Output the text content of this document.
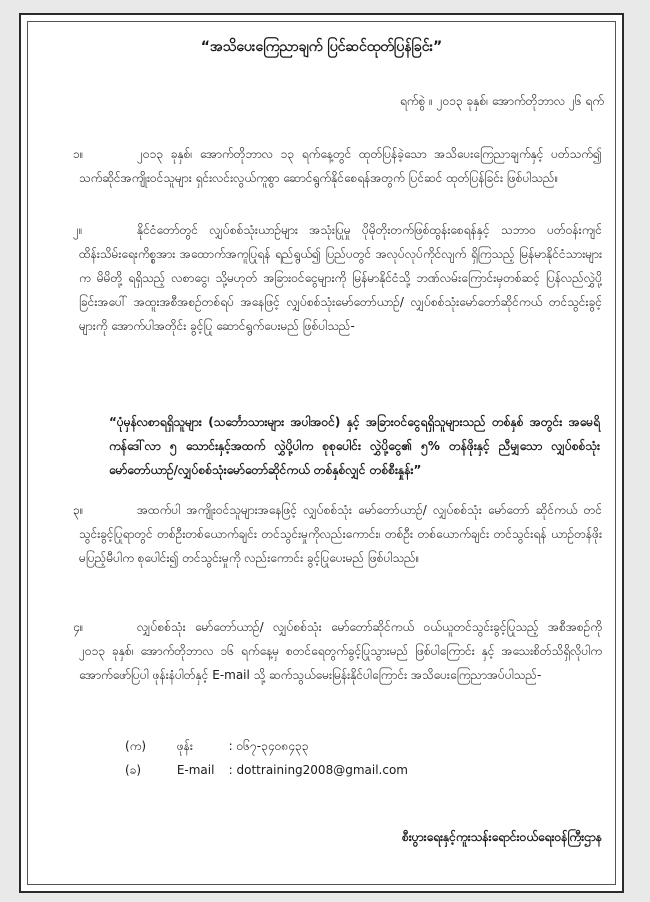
“အသိပေးကြေညာချက် ပြင်ဆင်ထုတ်ပြန်ခြင်း”
ရက်စွဲ ။ ၂၀၁၃ ခုနှစ်၊ အောက်တိုဘာလ ၂၆ ရက်
၁။	၂၀၁၃ ခုနှစ်၊ အောက်တိုဘာလ ၁၃ ရက်နေ့တွင် ထုတ်ပြန်ခဲ့သော အသိပေးကြေညာချက်နှင့် ပတ်သက်၍ သက်ဆိုင်အကျိုးဝင်သူများ ရှင်းလင်းလွယ်ကူစွာ ဆောင်ရွက်နိုင်စေရန်အတွက် ပြင်ဆင် ထုတ်ပြန်ခြင်း ဖြစ်ပါသည်။
၂။	နိုင်ငံတော်တွင် လျှပ်စစ်သုံးယာဉ်များ အသုံးပြုမှု ပိုမိုတိုးတက်ဖြစ်ထွန်းစေရန်နှင့် သဘာဝ ပတ်ဝန်းကျင်ထိန်းသိမ်းရေးကိစ္စအား အထောက်အကူပြုရန် ရည်ရွယ်၍ ပြည်ပတွင် အလုပ်လုပ်ကိုင်လျက် ရှိကြသည့် မြန်မာနိုင်ငံသားများက မိမိတို့ ရရှိသည့် လစာငွေ၊ သို့မဟုတ် အခြားဝင်ငွေများကို မြန်မာနိုင်ငံသို့ ဘဏ်လမ်းကြောင်းမှတစ်ဆင့် ပြန်လည်လွှဲပို့ခြင်းအပေါ် အထူးအစီအစဉ်တစ်ရပ် အနေဖြင့် လျှပ်စစ်သုံးမော်တော်ယာဉ်/ လျှပ်စစ်သုံးမော်တော်ဆိုင်ကယ် တင်သွင်းခွင့်များကို အောက်ပါအတိုင်း ခွင့်ပြု ဆောင်ရွက်ပေးမည် ဖြစ်ပါသည်-
“ပုံမှန်လစာရရှိသူများ (သင်္ဘောသားများ အပါအဝင်) နှင့် အခြားဝင်ငွေရရှိသူများသည် တစ်နှစ် အတွင်း အမေရိကန်ဒေါ်လာ ၅ သောင်းနှင့်အထက် လွှဲပို့ပါက စုစုပေါင်း လွှဲပို့ငွေ၏ ၅% တန်ဖိုးနှင့် ညီမျှသော လျှပ်စစ်သုံး မော်တော်ယာဉ်/လျှပ်စစ်သုံးမော်တော်ဆိုင်ကယ် တစ်နှစ်လျှင် တစ်စီးနှုန်း”
၃။	အထက်ပါ အကျိုးဝင်သူများအနေဖြင့် လျှပ်စစ်သုံး မော်တော်ယာဉ်/ လျှပ်စစ်သုံး မော်တော် ဆိုင်ကယ် တင်သွင်းခွင့်ပြုရာတွင် တစ်ဦးတစ်ယောက်ချင်း တင်သွင်းမှုကိုလည်းကောင်း၊ တစ်ဦး တစ်ယောက်ချင်း တင်သွင်းရန် ယာဉ်တန်ဖိုး မပြည့်မီပါက စုပေါင်း၍ တင်သွင်းမှုကို လည်းကောင်း ခွင့်ပြုပေးမည် ဖြစ်ပါသည်။
၄။	လျှပ်စစ်သုံး မော်တော်ယာဉ်/ လျှပ်စစ်သုံး မော်တော်ဆိုင်ကယ် ဝယ်ယူတင်သွင်းခွင့်ပြုသည့် အစီအစဉ်ကို ၂၀၁၃ ခုနှစ်၊ အောက်တိုဘာလ ၁၆ ရက်နေ့မှ စတင်ရေတွက်ခွင့်ပြုသွားမည် ဖြစ်ပါကြောင်း နှင့် အသေးစိတ်သိရှိလိုပါက အောက်ဖော်ပြပါ ဖုန်းနံပါတ်နှင့် E-mail သို့ ဆက်သွယ်မေးမြန်းနိုင်ပါကြောင်း အသိပေးကြေညာအပ်ပါသည်-
(က)	ဖုန်း	: ၀၆၇-၃၄၀၈၄၃၃
(ခ)	E-mail : dottraining2008@gmail.com
စီးပွားရေးနှင့်ကူးသန်းရောင်းဝယ်ရေးဝန်ကြီးဌာန
